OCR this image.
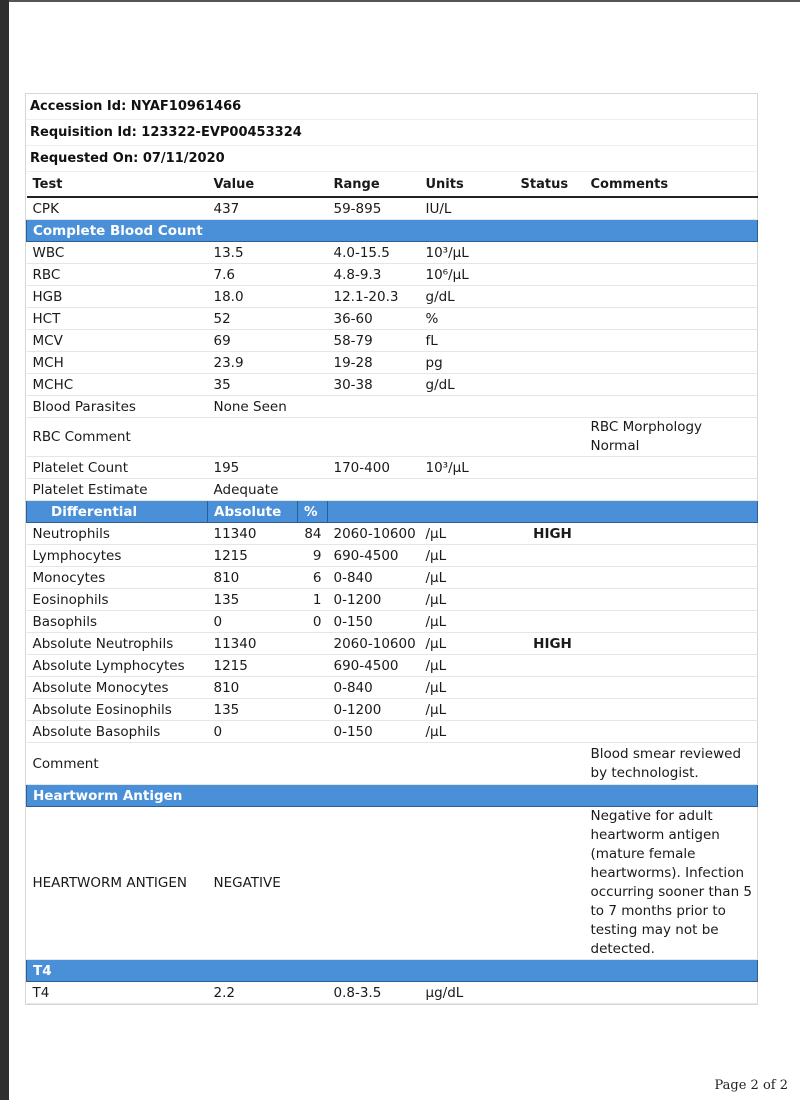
Accession Id: NYAF10961466
Requisition Id: 123322-EVP00453324
Requested On: 07/11/2020
Test	Value		Range	Units	Status	Comments
CPK	437		59-895	IU/L		
Complete Blood Count						
WBC	13.5		4.0-15.5	10³/µL		
RBC	7.6		4.8-9.3	10⁶/µL		
HGB	18.0		12.1-20.3	g/dL		
HCT	52		36-60	%		
MCV	69		58-79	fL		
MCH	23.9		19-28	pg		
MCHC	35		30-38	g/dL		
Blood Parasites	None Seen					
RBC Comment						RBC Morphology Normal
Platelet Count	195		170-400	10³/µL		
Platelet Estimate	Adequate					
Differential	Absolute	%				
Neutrophils	11340	84	2060-10600	/µL	HIGH	
Lymphocytes	1215	9	690-4500	/µL		
Monocytes	810	6	0-840	/µL		
Eosinophils	135	1	0-1200	/µL		
Basophils	0	0	0-150	/µL		
Absolute Neutrophils	11340		2060-10600	/µL	HIGH	
Absolute Lymphocytes	1215		690-4500	/µL		
Absolute Monocytes	810		0-840	/µL		
Absolute Eosinophils	135		0-1200	/µL		
Absolute Basophils	0		0-150	/µL		
Comment						Blood smear reviewed by technologist.
Heartworm Antigen						
HEARTWORM ANTIGEN	NEGATIVE					Negative for adult heartworm antigen (mature female heartworms). Infection occurring sooner than 5 to 7 months prior to testing may not be detected.
T4						
T4	2.2		0.8-3.5	µg/dL		
Page 2 of 2
